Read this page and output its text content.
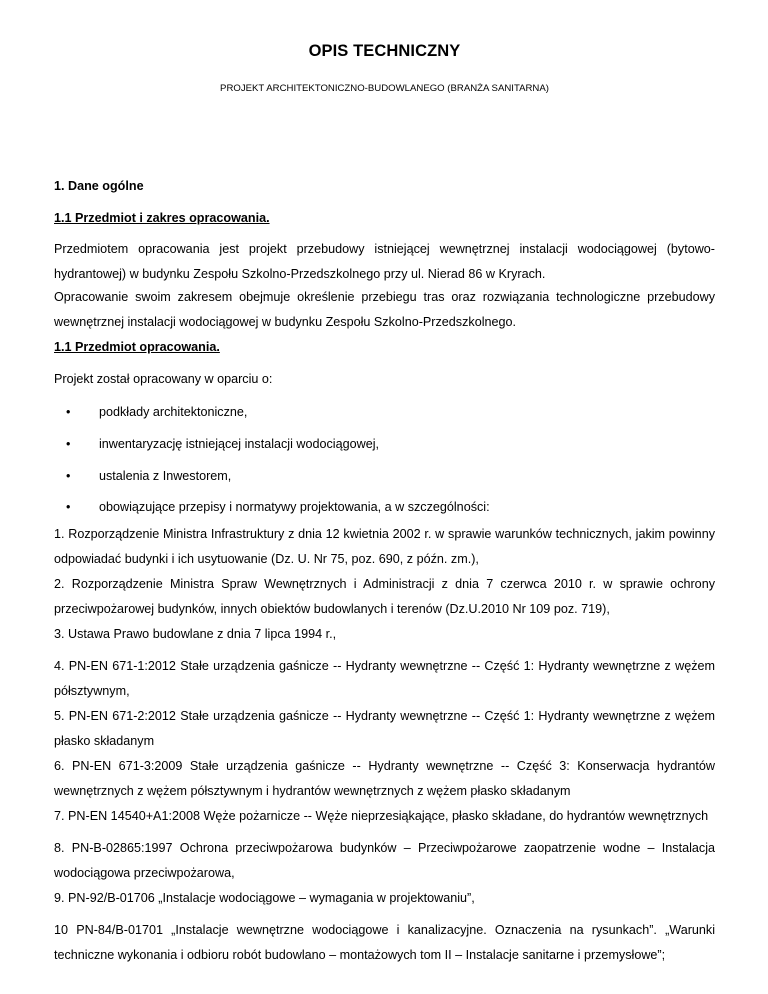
OPIS TECHNICZNY
PROJEKT ARCHITEKTONICZNO-BUDOWLANEGO (BRANŻA SANITARNA)

1. Dane ogólne

1.1 Przedmiot i zakres opracowania.

Przedmiotem opracowania jest projekt przebudowy istniejącej wewnętrznej instalacji wodociągowej (bytowo-hydrantowej) w budynku Zespołu Szkolno-Przedszkolnego przy ul. Nierad 86 w Kryrach.

Opracowanie swoim zakresem obejmuje określenie przebiegu tras oraz rozwiązania technologiczne przebudowy wewnętrznej instalacji wodociągowej w budynku Zespołu Szkolno-Przedszkolnego.

1.1 Przedmiot opracowania.

Projekt został opracowany w oparciu o:

• podkłady architektoniczne,
• inwentaryzację istniejącej instalacji wodociągowej,
• ustalenia z Inwestorem,
• obowiązujące przepisy i normatywy projektowania, a w szczególności:

1. Rozporządzenie Ministra Infrastruktury z dnia 12 kwietnia 2002 r. w sprawie warunków technicznych, jakim powinny odpowiadać budynki i ich usytuowanie (Dz. U. Nr 75, poz. 690, z późn. zm.),

2. Rozporządzenie Ministra Spraw Wewnętrznych i Administracji z dnia 7 czerwca 2010 r. w sprawie ochrony przeciwpożarowej budynków, innych obiektów budowlanych i terenów (Dz.U.2010 Nr 109 poz. 719),

3. Ustawa Prawo budowlane z dnia 7 lipca 1994 r.,

4. PN-EN 671-1:2012 Stałe urządzenia gaśnicze -- Hydranty wewnętrzne -- Część 1: Hydranty wewnętrzne z wężem półsztywnym,

5. PN-EN 671-2:2012 Stałe urządzenia gaśnicze -- Hydranty wewnętrzne -- Część 1: Hydranty wewnętrzne z wężem płasko składanym

6. PN-EN 671-3:2009 Stałe urządzenia gaśnicze -- Hydranty wewnętrzne -- Część 3: Konserwacja hydrantów wewnętrznych z wężem półsztywnym i hydrantów wewnętrznych z wężem płasko składanym

7. PN-EN 14540+A1:2008 Węże pożarnicze -- Węże nieprzesiąkające, płasko składane, do hydrantów wewnętrznych

8. PN-B-02865:1997 Ochrona przeciwpożarowa budynków – Przeciwpożarowe zaopatrzenie wodne – Instalacja wodociągowa przeciwpożarowa,

9. PN-92/B-01706 „Instalacje wodociągowe – wymagania w projektowaniu”,

10 PN-84/B-01701 „Instalacje wewnętrzne wodociągowe i kanalizacyjne. Oznaczenia na rysunkach”. „Warunki techniczne wykonania i odbioru robót budowlano – montażowych tom II – Instalacje sanitarne i przemysłowe”;
